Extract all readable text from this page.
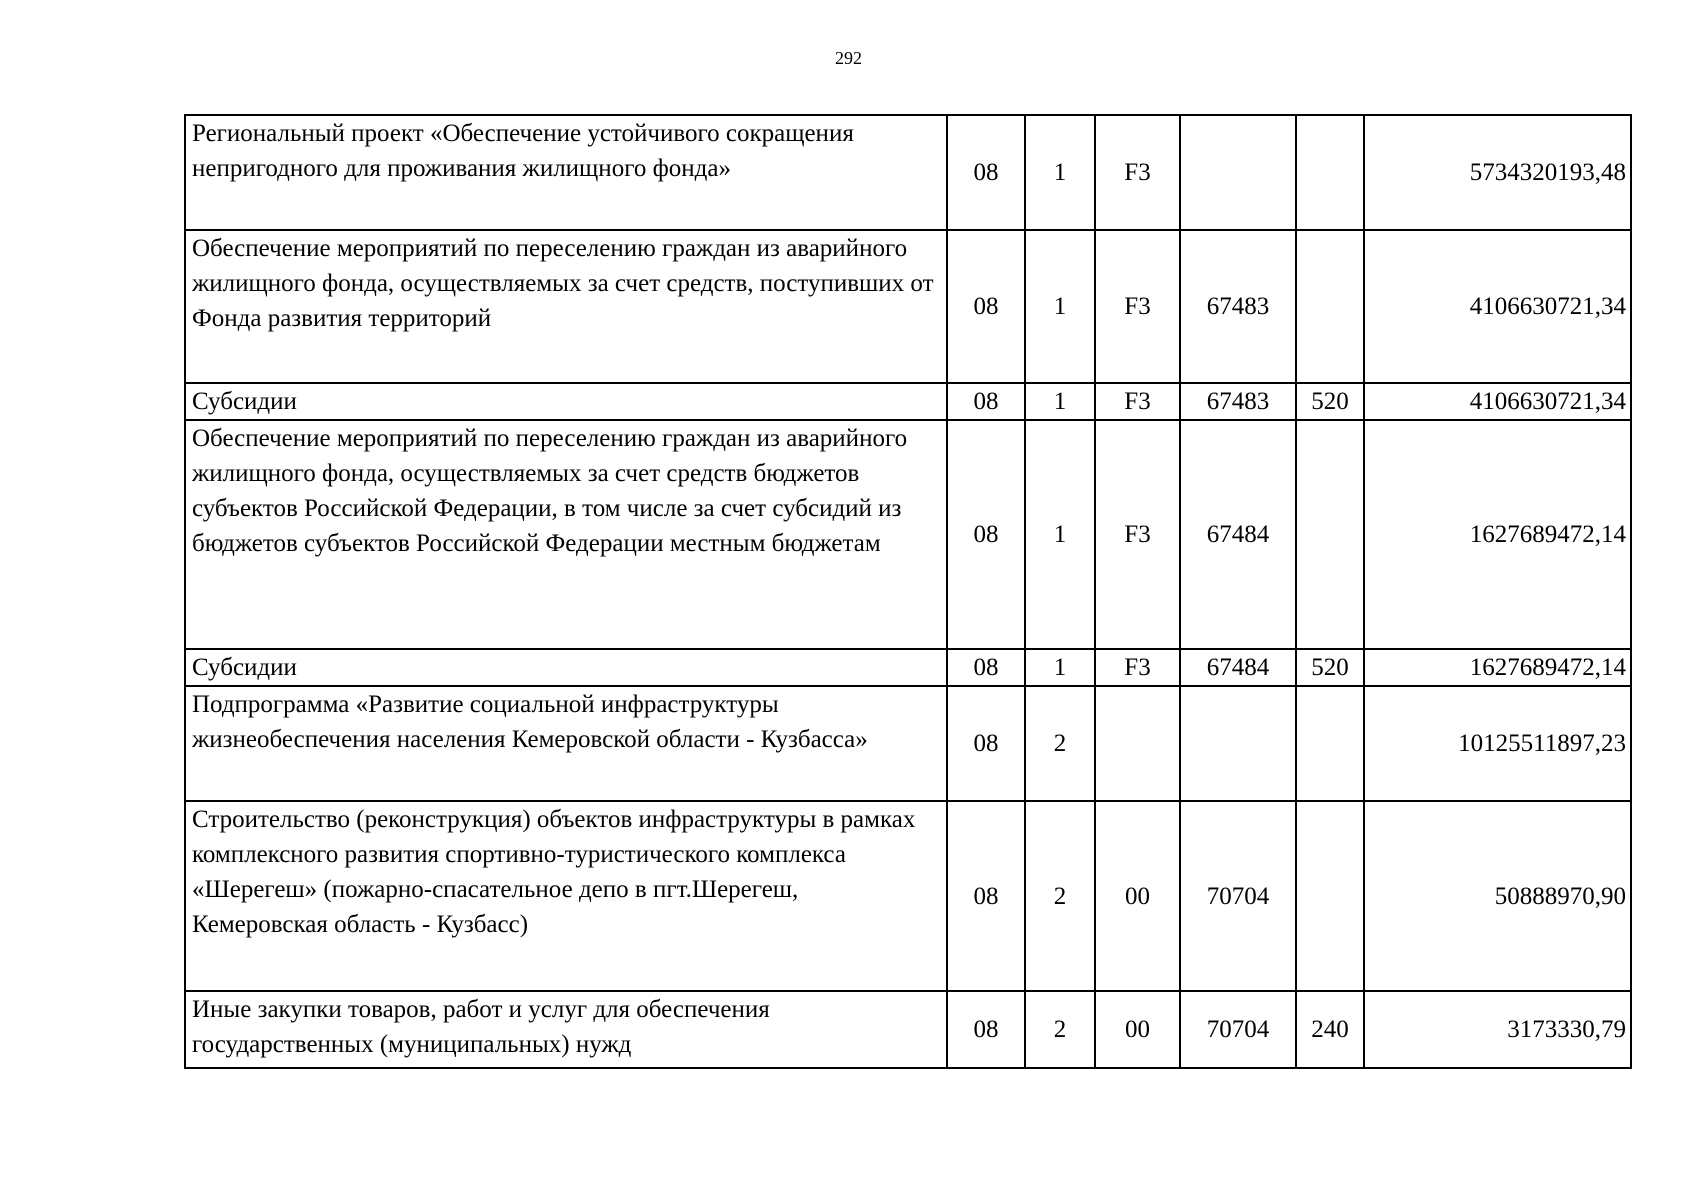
292
Региональный проект «Обеспечение устойчивого сокращения непригодного для проживания жилищного фонда»	08	1	F3			5734320193,48
Обеспечение мероприятий по переселению граждан из аварийного жилищного фонда, осуществляемых за счет средств, поступивших от Фонда развития территорий	08	1	F3	67483		4106630721,34
Субсидии	08	1	F3	67483	520	4106630721,34
Обеспечение мероприятий по переселению граждан из аварийного жилищного фонда, осуществляемых за счет средств бюджетов субъектов Российской Федерации, в том числе за счет субсидий из бюджетов субъектов Российской Федерации местным бюджетам	08	1	F3	67484		1627689472,14
Субсидии	08	1	F3	67484	520	1627689472,14
Подпрограмма «Развитие социальной инфраструктуры жизнеобеспечения населения Кемеровской области - Кузбасса»	08	2				10125511897,23
Строительство (реконструкция) объектов инфраструктуры в рамках комплексного развития спортивно-туристического комплекса «Шерегеш» (пожарно-спасательное депо в пгт.Шерегеш, Кемеровская область - Кузбасс)	08	2	00	70704		50888970,90
Иные закупки товаров, работ и услуг для обеспечения государственных (муниципальных) нужд	08	2	00	70704	240	3173330,79
